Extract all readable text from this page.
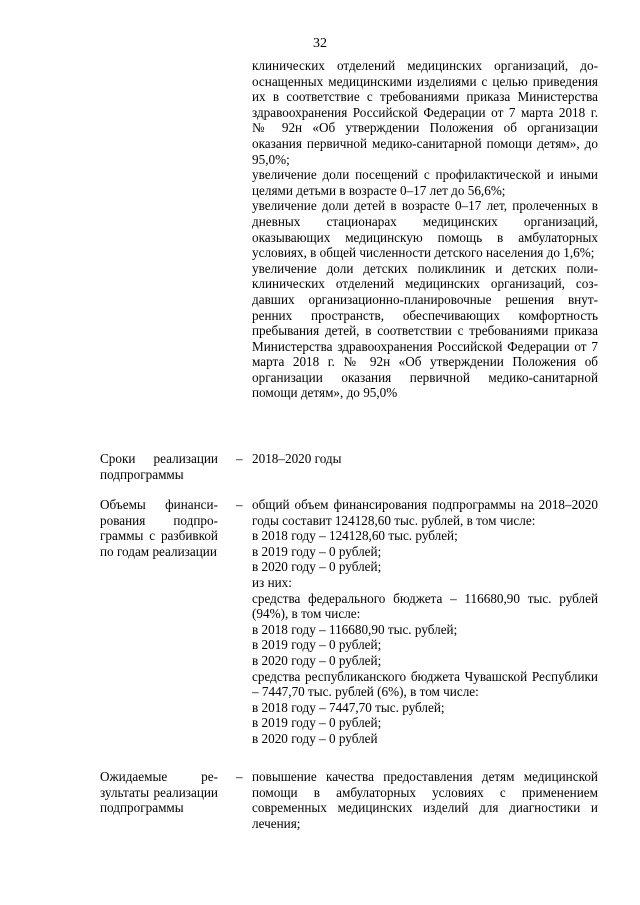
32

клинических отделений медицинских организаций, дооснащенных медицинскими изделиями с целью приведения их в соответствие с требованиями приказа Министерства здравоохранения Российской Федерации от 7 марта 2018 г. № 92н «Об утверждении Положения об организации оказания первичной медико-санитарной помощи детям», до 95,0%;

увеличение доли посещений с профилактической и иными целями детьми в возрасте 0–17 лет до 56,6%;

увеличение доли детей в возрасте 0–17 лет, пролеченных в дневных стационарах медицинских организаций, оказывающих медицинскую помощь в амбулаторных условиях, в общей численности детского населения до 1,6%;

увеличение доли детских поликлиник и детских поликлинических отделений медицинских организаций, создавших организационно-планировочные решения внутренних пространств, обеспечивающих комфортность пребывания детей, в соответствии с требованиями приказа Министерства здравоохранения Российской Федерации от 7 марта 2018 г. № 92н «Об утверждении Положения об организации оказания первичной медико-санитарной помощи детям», до 95,0%

Сроки реализации подпрограммы
– 2018–2020 годы

Объемы финансирования подпрограммы с разбивкой по годам реализации
– общий объем финансирования подпрограммы на 2018–2020 годы составит 124128,60 тыс. рублей, в том числе:

в 2018 году – 124128,60 тыс. рублей;

в 2019 году – 0 рублей;

в 2020 году – 0 рублей;

из них:

средства федерального бюджета – 116680,90 тыс. рублей (94%), в том числе:

в 2018 году – 116680,90 тыс. рублей;

в 2019 году – 0 рублей;

в 2020 году – 0 рублей;

средства республиканского бюджета Чувашской Республики – 7447,70 тыс. рублей (6%), в том числе:

в 2018 году – 7447,70 тыс. рублей;

в 2019 году – 0 рублей;

в 2020 году – 0 рублей

Ожидаемые результаты реализации подпрограммы
– повышение качества предоставления детям медицинской помощи в амбулаторных условиях с применением современных медицинских изделий для диагностики и лечения;
